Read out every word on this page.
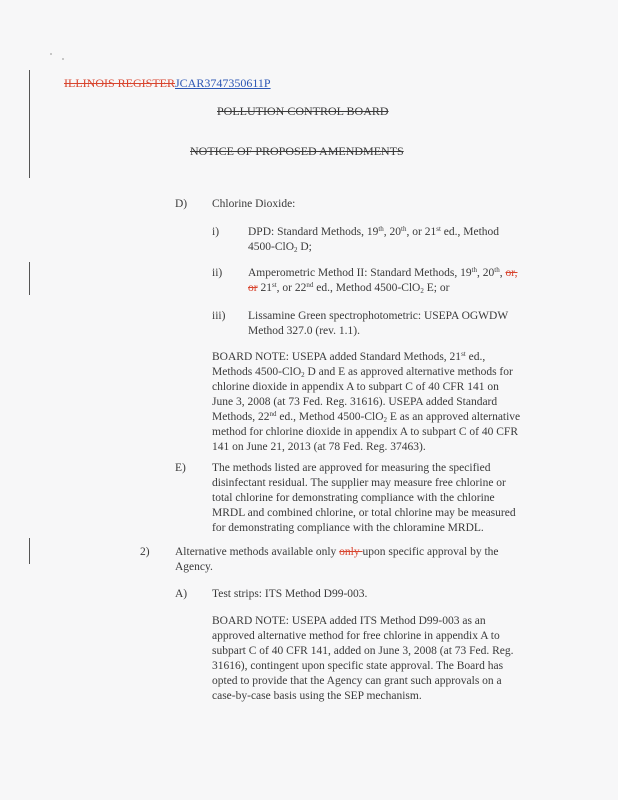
ILLINOIS REGISTERJCAR3747350611P

POLLUTION CONTROL BOARD

NOTICE OF PROPOSED AMENDMENTS

D) Chlorine Dioxide:
i)	DPD: Standard Methods, 19th, 20th, or 21st ed., Method
4500-ClO$_2$ D;

ii) Amperometric Method II: Standard Methods, 19th, 20th, or,
or 21st, or 22nd ed., Method 4500-ClO$_2$ E; or

iii) Lissamine Green spectrophotometric: USEPA OGWDW
Method 327.0 (rev. 1.1).

BOARD NOTE: USEPA added Standard Methods, 21st ed.,
Methods 4500-ClO$_2$ D and E as approved alternative methods for
chlorine dioxide in appendix A to subpart C of 40 CFR 141 on
June 3, 2008 (at 73 Fed. Reg. 31616). USEPA added Standard
Methods, 22nd ed., Method 4500-ClO$_2$ E as an approved alternative
method for chlorine dioxide in appendix A to subpart C of 40 CFR
141 on June 21, 2013 (at 78 Fed. Reg. 37463).

E) The methods listed are approved for measuring the specified
disinfectant residual. The supplier may measure free chlorine or
total chlorine for demonstrating compliance with the chlorine
MRDL and combined chlorine, or total chlorine may be measured
for demonstrating compliance with the chloramine MRDL.

2) Alternative methods available only only upon specific approval by the
Agency.

A) Test strips: ITS Method D99-003.

BOARD NOTE: USEPA added ITS Method D99-003 as an
approved alternative method for free chlorine in appendix A to
subpart C of 40 CFR 141, added on June 3, 2008 (at 73 Fed. Reg.
31616), contingent upon specific state approval. The Board has
opted to provide that the Agency can grant such approvals on a
case-by-case basis using the SEP mechanism.
